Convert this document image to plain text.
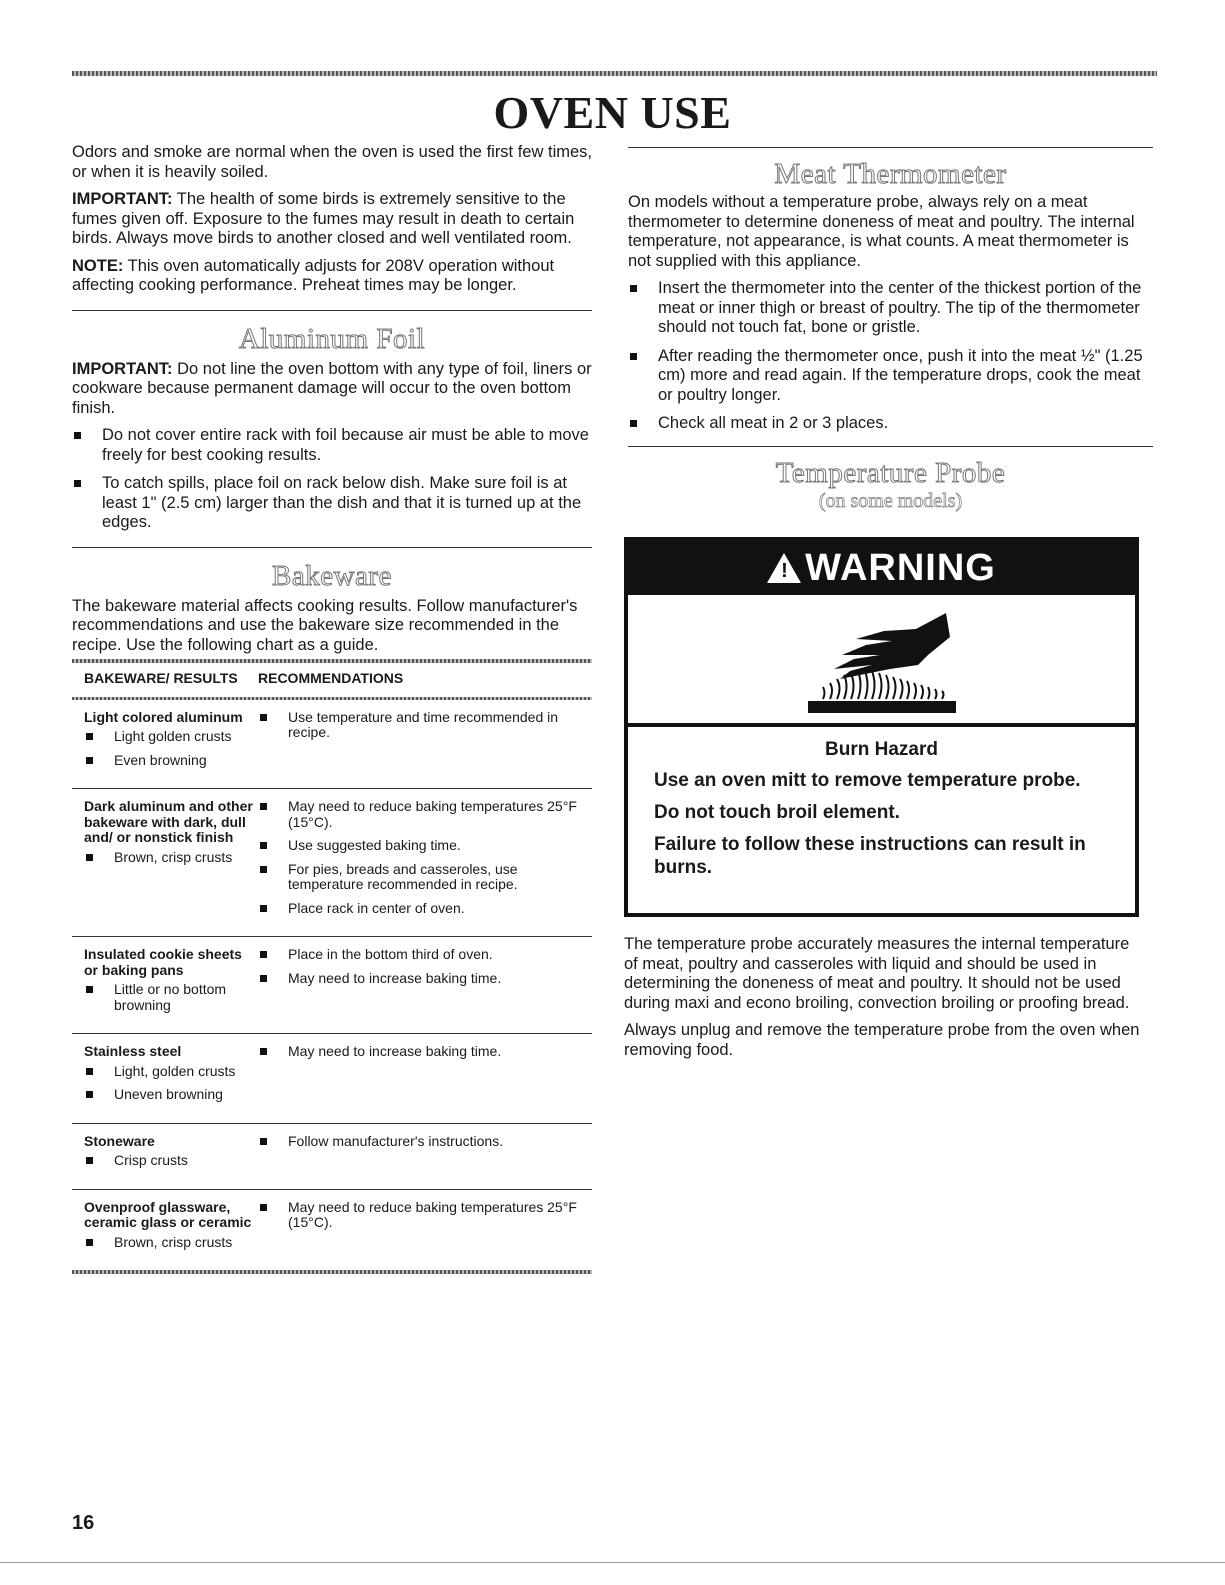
OVEN USE

Odors and smoke are normal when the oven is used the first few times, or when it is heavily soiled.

IMPORTANT: The health of some birds is extremely sensitive to the fumes given off. Exposure to the fumes may result in death to certain birds. Always move birds to another closed and well ventilated room.

NOTE: This oven automatically adjusts for 208V operation without affecting cooking performance. Preheat times may be longer.

Aluminum Foil

IMPORTANT: Do not line the oven bottom with any type of foil, liners or cookware because permanent damage will occur to the oven bottom finish.

Do not cover entire rack with foil because air must be able to move freely for best cooking results.
To catch spills, place foil on rack below dish. Make sure foil is at least 1" (2.5 cm) larger than the dish and that it is turned up at the edges.
Bakeware

The bakeware material affects cooking results. Follow manufacturer's recommendations and use the bakeware size recommended in the recipe. Use the following chart as a guide.

BAKEWARE/ RESULTS	RECOMMENDATIONS
Light colored aluminum
Light golden crusts
Even browning
Use temperature and time recommended in recipe.
Dark aluminum and other bakeware with dark, dull and/ or nonstick finish
Brown, crisp crusts
May need to reduce baking temperatures 25°F (15°C).
Use suggested baking time.
For pies, breads and casseroles, use temperature recommended in recipe.
Place rack in center of oven.
Insulated cookie sheets or baking pans
Little or no bottom browning
Place in the bottom third of oven.
May need to increase baking time.
Stainless steel
Light, golden crusts
Uneven browning
May need to increase baking time.
Stoneware
Crisp crusts
Follow manufacturer's instructions.
Ovenproof glassware, ceramic glass or ceramic
Brown, crisp crusts
May need to reduce baking temperatures 25°F (15°C).
Meat Thermometer

On models without a temperature probe, always rely on a meat thermometer to determine doneness of meat and poultry. The internal temperature, not appearance, is what counts. A meat thermometer is not supplied with this appliance.

Insert the thermometer into the center of the thickest portion of the meat or inner thigh or breast of poultry. The tip of the thermometer should not touch fat, bone or gristle.
After reading the thermometer once, push it into the meat ½" (1.25 cm) more and read again. If the temperature drops, cook the meat or poultry longer.
Check all meat in 2 or 3 places.
Temperature Probe
(on some models)
! WARNING
Burn Hazard
Use an oven mitt to remove temperature probe.
Do not touch broil element.
Failure to follow these instructions can result in burns.

The temperature probe accurately measures the internal temperature of meat, poultry and casseroles with liquid and should be used in determining the doneness of meat and poultry. It should not be used during maxi and econo broiling, convection broiling or proofing bread.

Always unplug and remove the temperature probe from the oven when removing food.

16
